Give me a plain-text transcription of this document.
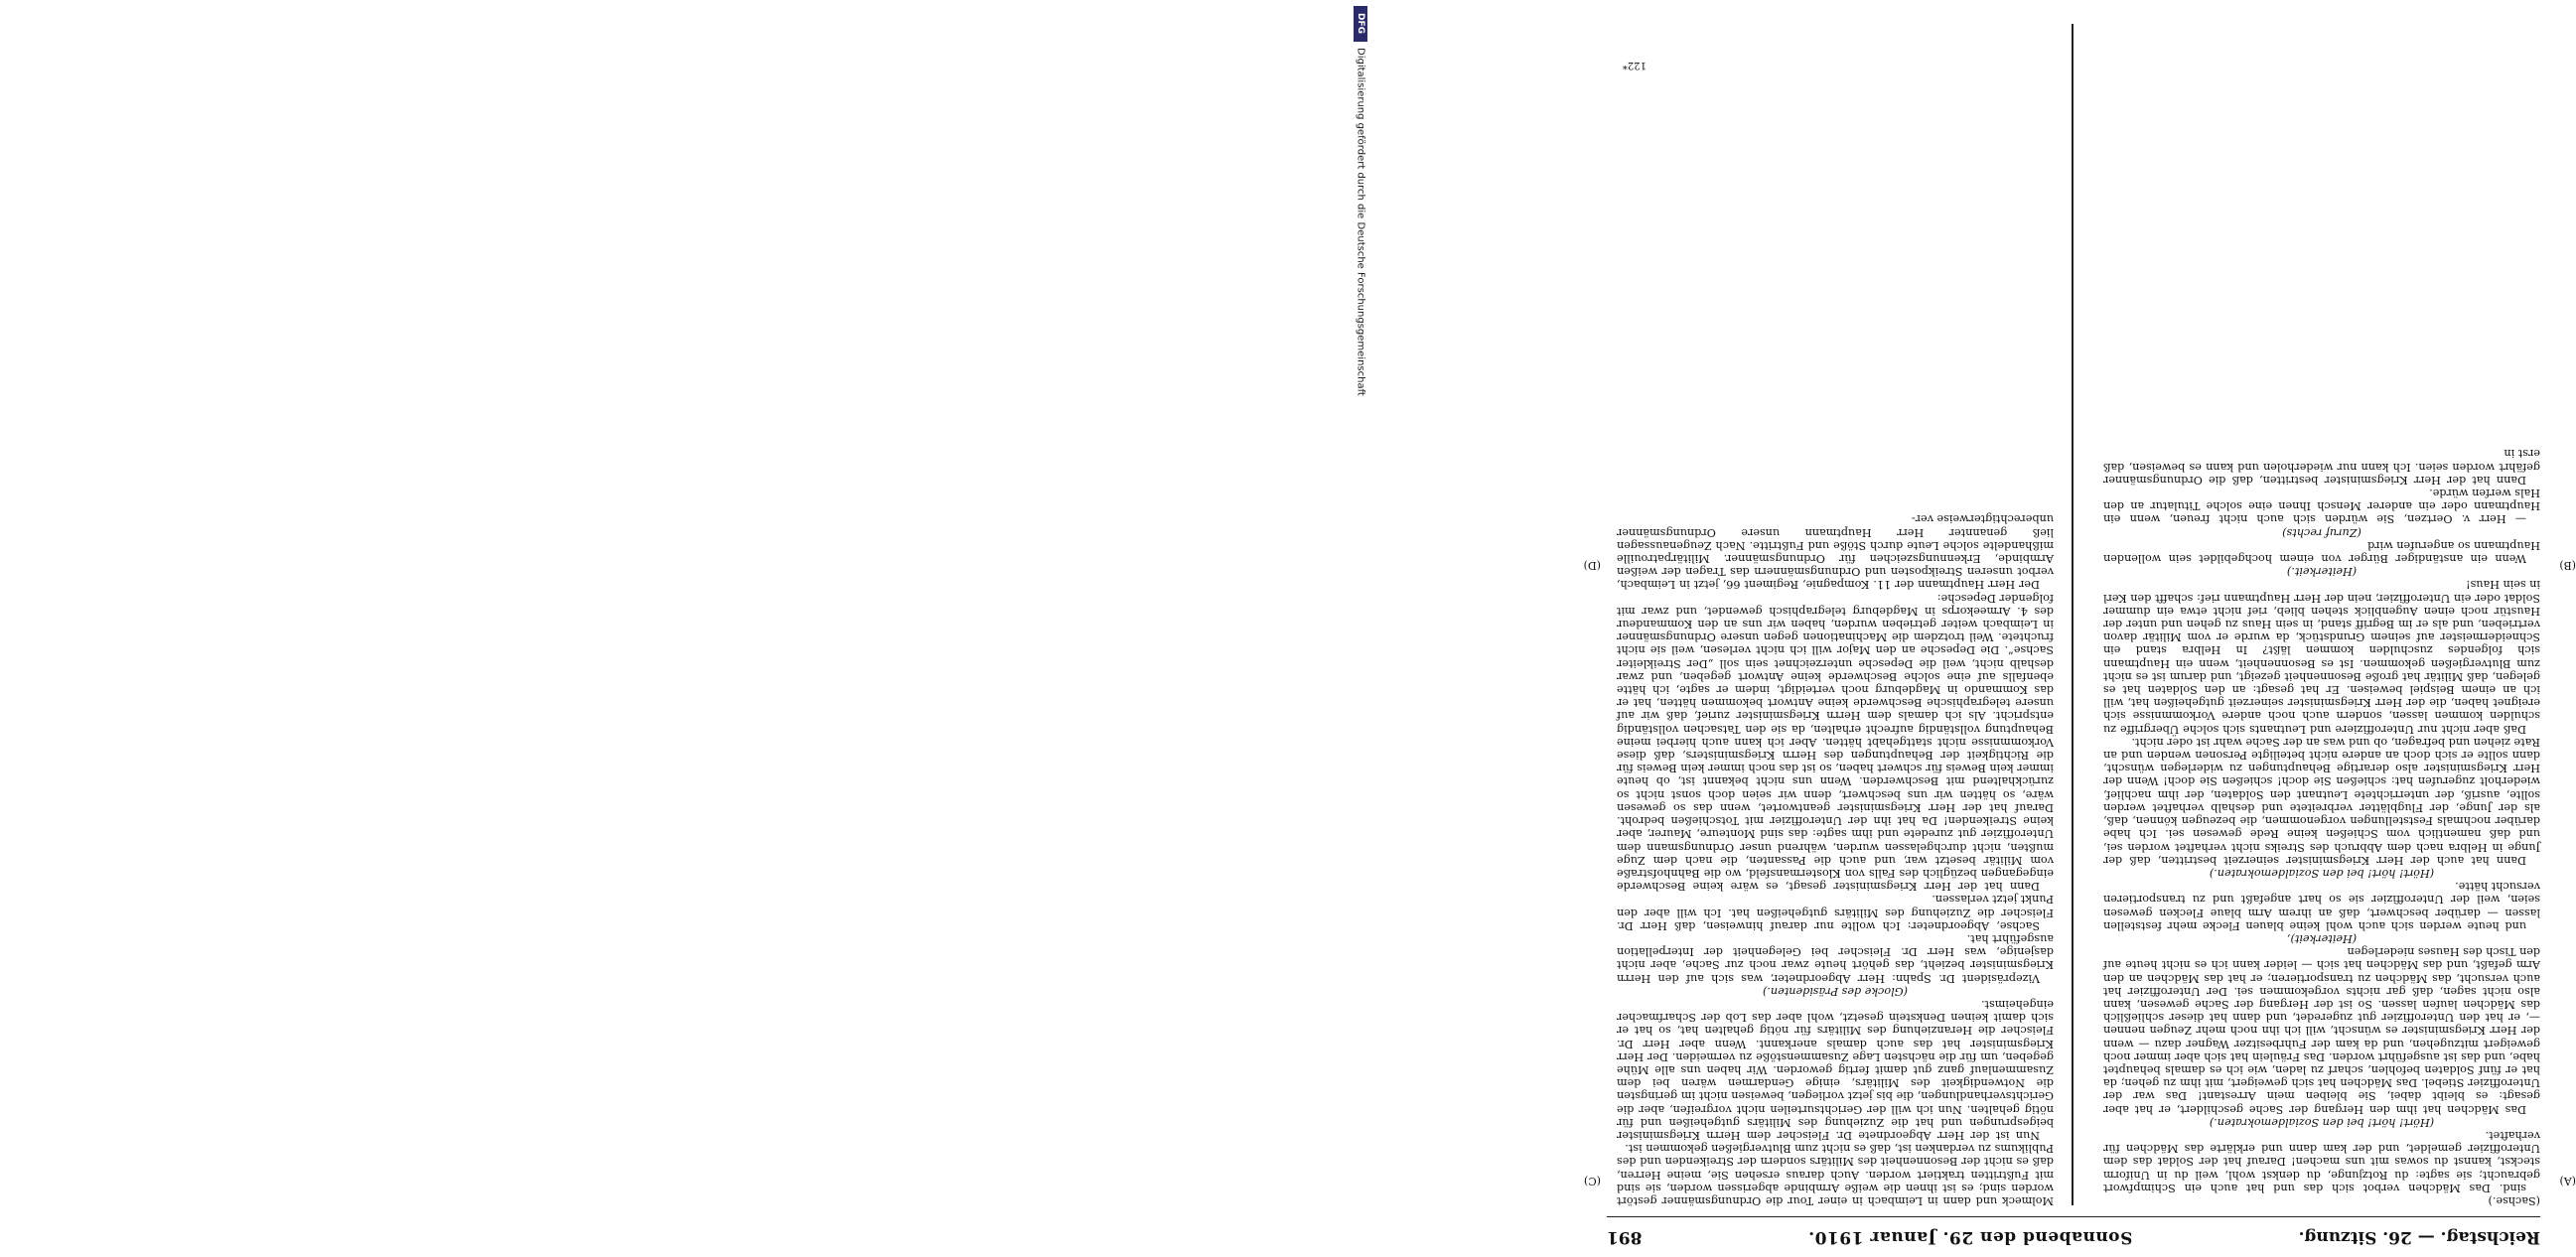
Reichstag. — 26. Sitzung.
Sonnabend den 29. Januar 1910.
891
(A)
(B)
(C)
(D)

(Sachse.)

sind. Das Mädchen verbot sich das und hat auch ein Schimpfwort gebraucht; sie sagte: du Rotzjunge, du denkst wohl, weil du in Uniform steckst, kannst du sowas mit uns machen! Darauf hat der Soldat das dem Unteroffizier gemeldet, und der kam dann und erklärte das Mädchen für verhaftet.

(Hört! hört! bei den Sozialdemokraten.)

Das Mädchen hat ihm den Hergang der Sache geschildert, er hat aber gesagt: es bleibt dabei, Sie bleiben mein Arrestant! Das war der Unteroffizier Stiebel. Das Mädchen hat sich geweigert, mit ihm zu gehen; da hat er fünf Soldaten befohlen, scharf zu laden, wie ich es damals behauptet habe, und das ist ausgeführt worden. Das Fräulein hat sich aber immer noch geweigert mitzugehen, und da kam der Fuhrbesitzer Wagner dazu — wenn der Herr Kriegsminister es wünscht, will ich ihn noch mehr Zeugen nennen —, er hat den Unteroffizier gut zugeredet, und dann hat dieser schließlich das Mädchen laufen lassen. So ist der Hergang der Sache gewesen, kann also nicht sagen, daß gar nichts vorgekommen sei. Der Unteroffizier hat auch versucht, das Mädchen zu transportieren; er hat das Mädchen an den Arm gefaßt, und das Mädchen hat sich — leider kann ich es nicht heute auf den Tisch des Hauses niederlegen

(Heiterkeit),

und heute werden sich auch wohl keine blauen Flecke mehr feststellen lassen — darüber beschwert, daß an ihrem Arm blaue Flecken gewesen seien, weil der Unteroffizier sie so hart angefaßt und zu transportieren versucht hätte.

(Hört! hört! bei den Sozialdemokraten.)

Dann hat auch der Herr Kriegsminister seinerzeit bestritten, daß der Junge in Helbra nach dem Abbruch des Streiks nicht verhaftet worden sei, und daß namentlich vom Schießen keine Rede gewesen sei. Ich habe darüber nochmals Feststellungen vorgenommen, die bezeugen können, daß, als der Junge, der Flugblätter verbreitete und deshalb verhaftet werden sollte, ausriß, der unterrichtete Leutnant den Soldaten, der ihm nachlief, wiederholt zugerufen hat: schießen Sie doch! schießen Sie doch! Wenn der Herr Kriegsminister also derartige Behauptungen zu widerlegen wünscht, dann sollte er sich doch an andere nicht beteiligte Personen wenden und an Rate ziehen und befragen, ob und was an der Sache wahr ist oder nicht.

Daß aber nicht nur Unteroffiziere und Leutnants sich solche Übergriffe zu schulden kommen lassen, sondern auch noch andere Vorkommnisse sich ereignet haben, die der Herr Kriegsminister seinerzeit gutgeheißen hat, will ich an einem Beispiel beweisen. Er hat gesagt: an den Soldaten hat es gelegen, daß Militär hat große Besonnenheit gezeigt, und darum ist es nicht zum Blutvergießen gekommen. Ist es Besonnenheit, wenn ein Hauptmann sich folgendes zuschulden kommen läßt? In Helbra stand ein Schneidermeister auf seinem Grundstück, da wurde er vom Militär davon vertrieben, und als er im Begriff stand, in sein Haus zu gehen und unter der Haustür noch einen Augenblick stehen blieb, rief nicht etwa ein dummer Soldat oder ein Unteroffizier, nein der Herr Hauptmann rief: schafft den Kerl in sein Haus!

(Heiterkeit.)

Wenn ein anständiger Bürger von einem hochgebildet sein wollenden Hauptmann so angerufen wird

(Zuruf rechts)

— Herr v. Oertzen, Sie würden sich auch nicht freuen, wenn ein Hauptmann oder ein anderer Mensch Ihnen eine solche Titulatur an den Hals werfen würde.

Dann hat der Herr Kriegsminister bestritten, daß die Ordnungsmänner gefährt worden seien. Ich kann nur wiederholen und kann es beweisen, daß erst in

Molmeck und dann in Leimbach in einer Tour die Ordnungsmänner gestört worden sind; es ist ihnen die weiße Armbinde abgerissen worden, sie sind mit Fußtritten traktiert worden. Auch daraus ersehen Sie, meine Herren, daß es nicht der Besonnenheit des Militärs sondern der Streikenden und des Publikums zu verdanken ist, daß es nicht zum Blutvergießen gekommen ist.

Nun ist der Herr Abgeordnete Dr. Fleischer dem Herrn Kriegsminister beigesprungen und hat die Zuziehung des Militärs gutgeheißen und für nötig gehalten. Nun ich will der Gerichtsurteilen nicht vorgreifen, aber die Gerichtsverhandlungen, die bis jetzt vorliegen, beweisen nicht im geringsten die Notwendigkeit des Militärs, einige Gendarmen wären bei dem Zusammenlauf ganz gut damit fertig geworden. Wir haben uns alle Mühe gegeben, um für die nächsten Lage Zusammenstöße zu vermeiden. Der Herr Kriegsminister hat das auch damals anerkannt. Wenn aber Herr Dr. Fleischer die Heranziehung des Militärs für nötig gehalten hat, so hat er sich damit keinen Denkstein gesetzt, wohl aber das Lob der Scharfmacher eingeheimst.

(Glocke des Präsidenten.)

Vizepräsident Dr. Spahn: Herr Abgeordneter, was sich auf den Herrn Kriegsminister bezieht, das gehört heute zwar noch zur Sache, aber nicht dasjenige, was Herr Dr. Fleischer bei Gelegenheit der Interpellation ausgeführt hat.

Sachse, Abgeordneter: Ich wollte nur darauf hinweisen, daß Herr Dr. Fleischer die Zuziehung des Militärs gutgeheißen hat. Ich will aber den Punkt jetzt verlassen.

Dann hat der Herr Kriegsminister gesagt, es wäre keine Beschwerde eingegangen bezüglich des Falls von Klostermansfeld, wo die Bahnhofstraße vom Militär besetzt war, und auch die Passanten, die nach dem Zuge mußten, nicht durchgelassen wurden, während unser Ordnungsmann dem Unteroffizier gut zuredete und ihm sagte: das sind Monteure, Maurer, aber keine Streikenden! Da hat ihn der Unteroffizier mit Totschießen bedroht. Darauf hat der Herr Kriegsminister geantwortet, wenn das so gewesen wäre, so hätten wir uns beschwert, denn wir seien doch sonst nicht so zurückhaltend mit Beschwerden. Wenn uns nicht bekannt ist, ob heute immer kein Beweis für schwert haben, so ist das noch immer kein Beweis für die Richtigkeit der Behauptungen des Herrn Kriegsministers, daß diese Vorkommnisse nicht stattgehabt hätten. Aber ich kann auch hierbei meine Behauptung vollständig aufrecht erhalten, da sie den Tatsachen vollständig entspricht. Als ich damals dem Herrn Kriegsminister zurief, daß wir auf unsere telegraphische Beschwerde keine Antwort bekommen hätten, hat er das Kommando in Magdeburg noch verteidigt, indem er sagte, ich hätte ebenfalls auf eine solche Beschwerde keine Antwort gegeben, und zwar deshalb nicht, weil die Depesche unterzeichnet sein soll „Der Streikleiter Sachse“. Die Depesche an den Major will ich nicht verlesen, weil sie nicht fruchtete. Weil trotzdem die Machinationen gegen unsere Ordnungsmänner in Leimbach weiter getrieben wurden, haben wir uns an den Kommandeur des 4. Armeekorps in Magdeburg telegraphisch gewendet, und zwar mit folgender Depesche:

Der Herr Hauptmann der 11. Kompagnie, Regiment 66, jetzt in Leimbach, verbot unseren Streikposten und Ordnungsmännern das Tragen der weißen Armbinde, Erkennungszeichen für Ordnungsmänner. Militärpatrouille mißhandelte solche Leute durch Stöße und Fußtritte. Nach Zeugenaussagen ließ genannter Herr Hauptmann unsere Ordnungsmänner unberechtigterweise ver-

122*
DFG
Digitalisierung gefördert durch die Deutsche Forschungsgemeinschaft
